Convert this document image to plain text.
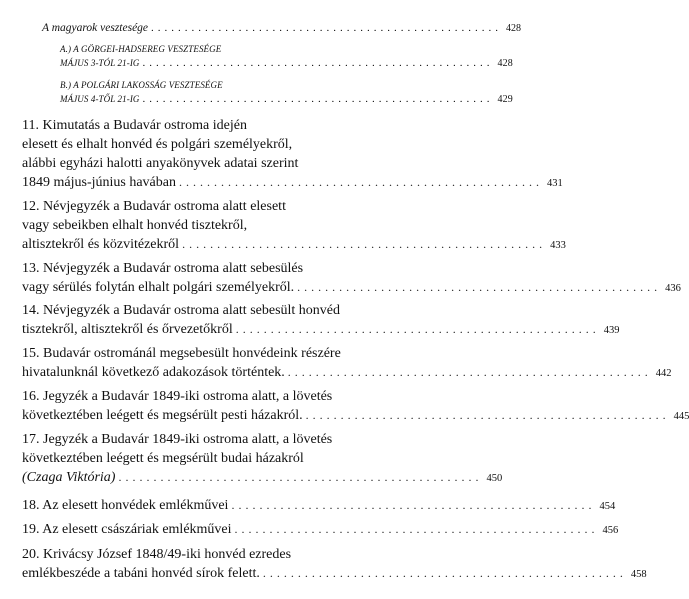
A magyarok vesztesége .................................................... 428
A.) A GÖRGEI-HADSEREG VESZTESÉGE
MÁJUS 3-TÓL 21-IG .................................................... 428
B.) A POLGÁRI LAKOSSÁG VESZTESÉGE
MÁJUS 4-TŐL 21-IG .................................................... 429
11. Kimutatás a Budavár ostroma idején
elesett és elhalt honvéd és polgári személyekről,
alábbi egyházi halotti anyakönyvek adatai szerint
1849 május-június havában .................................................... 431
12. Névjegyzék a Budavár ostroma alatt elesett
vagy sebeikben elhalt honvéd tisztekről,
altisztekről és közvitézekről .................................................... 433
13. Névjegyzék a Budavár ostroma alatt sebesülés
vagy sérülés folytán elhalt polgári személyekről. .................................................... 436
14. Névjegyzék a Budavár ostroma alatt sebesült honvéd
tisztekről, altisztekről és őrvezetőkről .................................................... 439
15. Budavár ostrománál megsebesült honvédeink részére
hivatalunknál következő adakozások történtek. .................................................... 442
16. Jegyzék a Budavár 1849-iki ostroma alatt, a lövetés
következtében leégett és megsérült pesti házakról. .................................................... 445
17. Jegyzék a Budavár 1849-iki ostroma alatt, a lövetés
következtében leégett és megsérült budai házakról
(Czaga Viktória) .................................................... 450
18. Az elesett honvédek emlékművei .................................................... 454
19. Az elesett császáriak emlékművei .................................................... 456
20. Krivácsy József 1848/49-iki honvéd ezredes
emlékbeszéde a tabáni honvéd sírok felett. .................................................... 458
